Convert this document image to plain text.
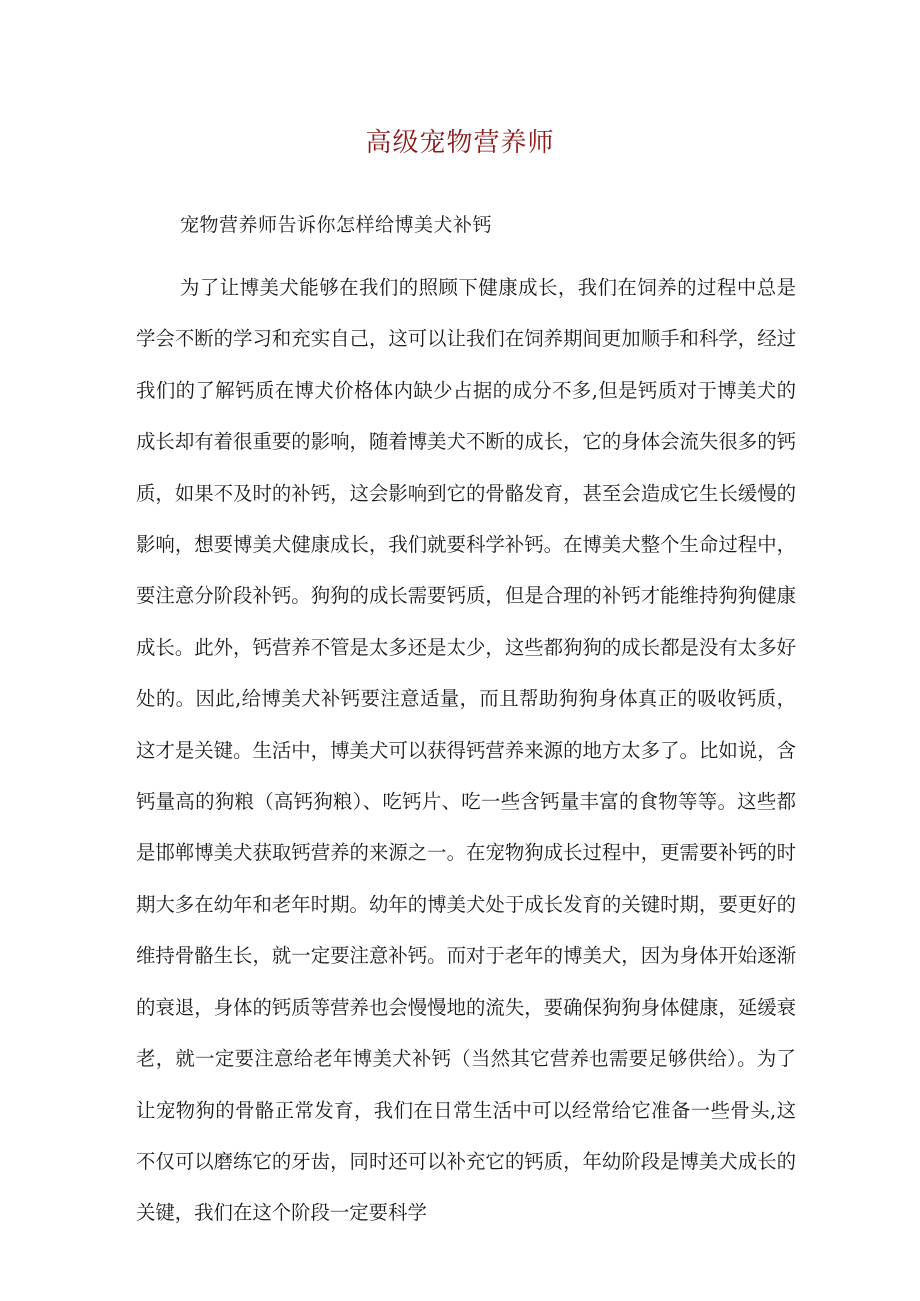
高级宠物营养师
宠物营养师告诉你怎样给博美犬补钙

为了让博美犬能够在我们的照顾下健康成长，我们在饲养的过程中总是学会不断的学习和充实自己，这可以让我们在饲养期间更加顺手和科学，经过我们的了解钙质在博犬价格体内缺少占据的成分不多,但是钙质对于博美犬的成长却有着很重要的影响，随着博美犬不断的成长，它的身体会流失很多的钙质，如果不及时的补钙，这会影响到它的骨骼发育，甚至会造成它生长缓慢的影响，想要博美犬健康成长，我们就要科学补钙。在博美犬整个生命过程中，要注意分阶段补钙。狗狗的成长需要钙质，但是合理的补钙才能维持狗狗健康成长。此外，钙营养不管是太多还是太少，这些都狗狗的成长都是没有太多好处的。因此,给博美犬补钙要注意适量，而且帮助狗狗身体真正的吸收钙质，这才是关键。生活中，博美犬可以获得钙营养来源的地方太多了。比如说，含钙量高的狗粮（高钙狗粮）、吃钙片、吃一些含钙量丰富的食物等等。这些都是邯郸博美犬获取钙营养的来源之一。在宠物狗成长过程中，更需要补钙的时期大多在幼年和老年时期。幼年的博美犬处于成长发育的关键时期，要更好的维持骨骼生长，就一定要注意补钙。而对于老年的博美犬，因为身体开始逐渐的衰退，身体的钙质等营养也会慢慢地的流失，要确保狗狗身体健康，延缓衰老，就一定要注意给老年博美犬补钙（当然其它营养也需要足够供给）。为了让宠物狗的骨骼正常发育，我们在日常生活中可以经常给它准备一些骨头,这不仅可以磨练它的牙齿，同时还可以补充它的钙质，年幼阶段是博美犬成长的关键，我们在这个阶段一定要科学
